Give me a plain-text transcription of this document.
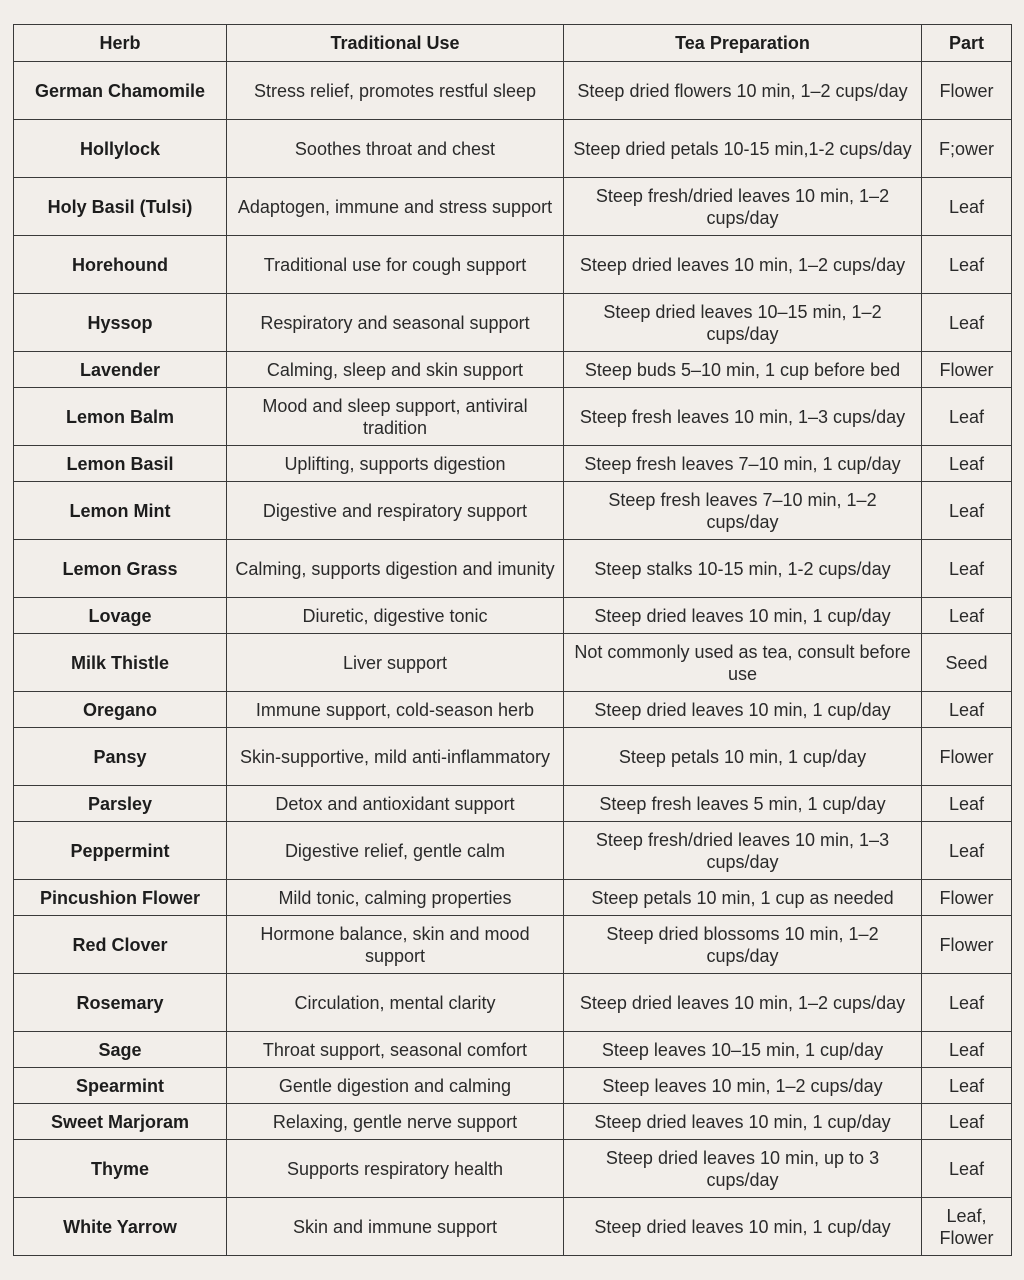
Herb	Traditional Use	Tea Preparation	Part
German Chamomile	Stress relief, promotes restful sleep	Steep dried flowers 10 min, 1–2 cups/day	Flower
Hollylock	Soothes throat and chest	Steep dried petals 10-15 min,1-2 cups/day	F;ower
Holy Basil (Tulsi)	Adaptogen, immune and stress support	Steep fresh/dried leaves 10 min, 1–2 cups/day	Leaf
Horehound	Traditional use for cough support	Steep dried leaves 10 min, 1–2 cups/day	Leaf
Hyssop	Respiratory and seasonal support	Steep dried leaves 10–15 min, 1–2 cups/day	Leaf
Lavender	Calming, sleep and skin support	Steep buds 5–10 min, 1 cup before bed	Flower
Lemon Balm	Mood and sleep support, antiviral tradition	Steep fresh leaves 10 min, 1–3 cups/day	Leaf
Lemon Basil	Uplifting, supports digestion	Steep fresh leaves 7–10 min, 1 cup/day	Leaf
Lemon Mint	Digestive and respiratory support	Steep fresh leaves 7–10 min, 1–2 cups/day	Leaf
Lemon Grass	Calming, supports digestion and imunity	Steep stalks 10-15 min, 1-2 cups/day	Leaf
Lovage	Diuretic, digestive tonic	Steep dried leaves 10 min, 1 cup/day	Leaf
Milk Thistle	Liver support	Not commonly used as tea, consult before use	Seed
Oregano	Immune support, cold-season herb	Steep dried leaves 10 min, 1 cup/day	Leaf
Pansy	Skin-supportive, mild anti-inflammatory	Steep petals 10 min, 1 cup/day	Flower
Parsley	Detox and antioxidant support	Steep fresh leaves 5 min, 1 cup/day	Leaf
Peppermint	Digestive relief, gentle calm	Steep fresh/dried leaves 10 min, 1–3 cups/day	Leaf
Pincushion Flower	Mild tonic, calming properties	Steep petals 10 min, 1 cup as needed	Flower
Red Clover	Hormone balance, skin and mood support	Steep dried blossoms 10 min, 1–2 cups/day	Flower
Rosemary	Circulation, mental clarity	Steep dried leaves 10 min, 1–2 cups/day	Leaf
Sage	Throat support, seasonal comfort	Steep leaves 10–15 min, 1 cup/day	Leaf
Spearmint	Gentle digestion and calming	Steep leaves 10 min, 1–2 cups/day	Leaf
Sweet Marjoram	Relaxing, gentle nerve support	Steep dried leaves 10 min, 1 cup/day	Leaf
Thyme	Supports respiratory health	Steep dried leaves 10 min, up to 3 cups/day	Leaf
White Yarrow	Skin and immune support	Steep dried leaves 10 min, 1 cup/day	Leaf, Flower
